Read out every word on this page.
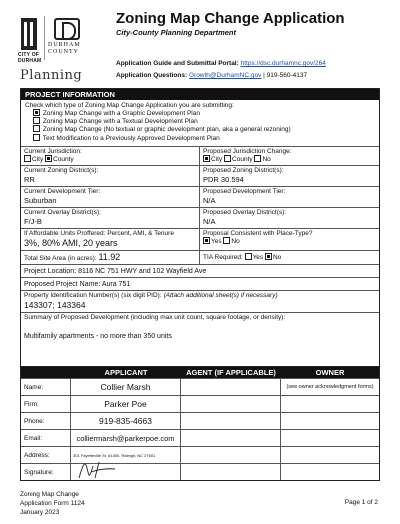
CITY OF DURHAM
DURHAM COUNTY
Planning
Zoning Map Change Application
City-County Planning Department
Application Guide and Submittal Portal: https://dsc.durhamnc.gov/264
Application Questions: Growth@DurhamNC.gov | 919-560-4137
PROJECT INFORMATION
Check which type of Zoning Map Change Application you are submitting:
Zoning Map Change with a Graphic Development Plan
Zoning Map Change with a Textual Development Plan
Zoning Map Change (No textual or graphic development plan, aka a general rezoning)
Text Modification to a Previously Approved Development Plan
Current Jurisdiction:
City County
Proposed Jurisdiction Change:
City County No
Current Zoning District(s):
RR
Proposed Zoning District(s):
PDR 30.594
Current Development Tier:
Suburban
Proposed Development Tier:
N/A
Current Overlay District(s):
F/J-B
Proposed Overlay District(s):
N/A
If Affordable Units Proffered: Percent, AMI, & Tenure
3%, 80% AMI, 20 years
Proposal Consistent with Place-Type?
Yes No
Total Site Area (in acres): 11.92	TIA Required: Yes No
Project Location: 8116 NC 751 HWY and 102 Wayfield Ave
Proposed Project Name: Aura 751
Property Identification Number(s) (six digit PID): (Attach additional sheet(s) if necessary)
143307; 143364
Summary of Proposed Development (including max unit count, square footage, or density):
Multifamily apartments - no more than 350 units
APPLICANT	AGENT (IF APPLICABLE)	OWNER
Name:	Collier Marsh	(see owner acknowledgment forms)
Firm:	Parker Poe
Phone:	919-835-4663
Email:	colliermarsh@parkerpoe.com
Address:	301 Fayetteville St, #1400, Raleigh, NC 27601
Signature:
Zoning Map Change
Application Form 1124
January 2023
Page 1 of 2
